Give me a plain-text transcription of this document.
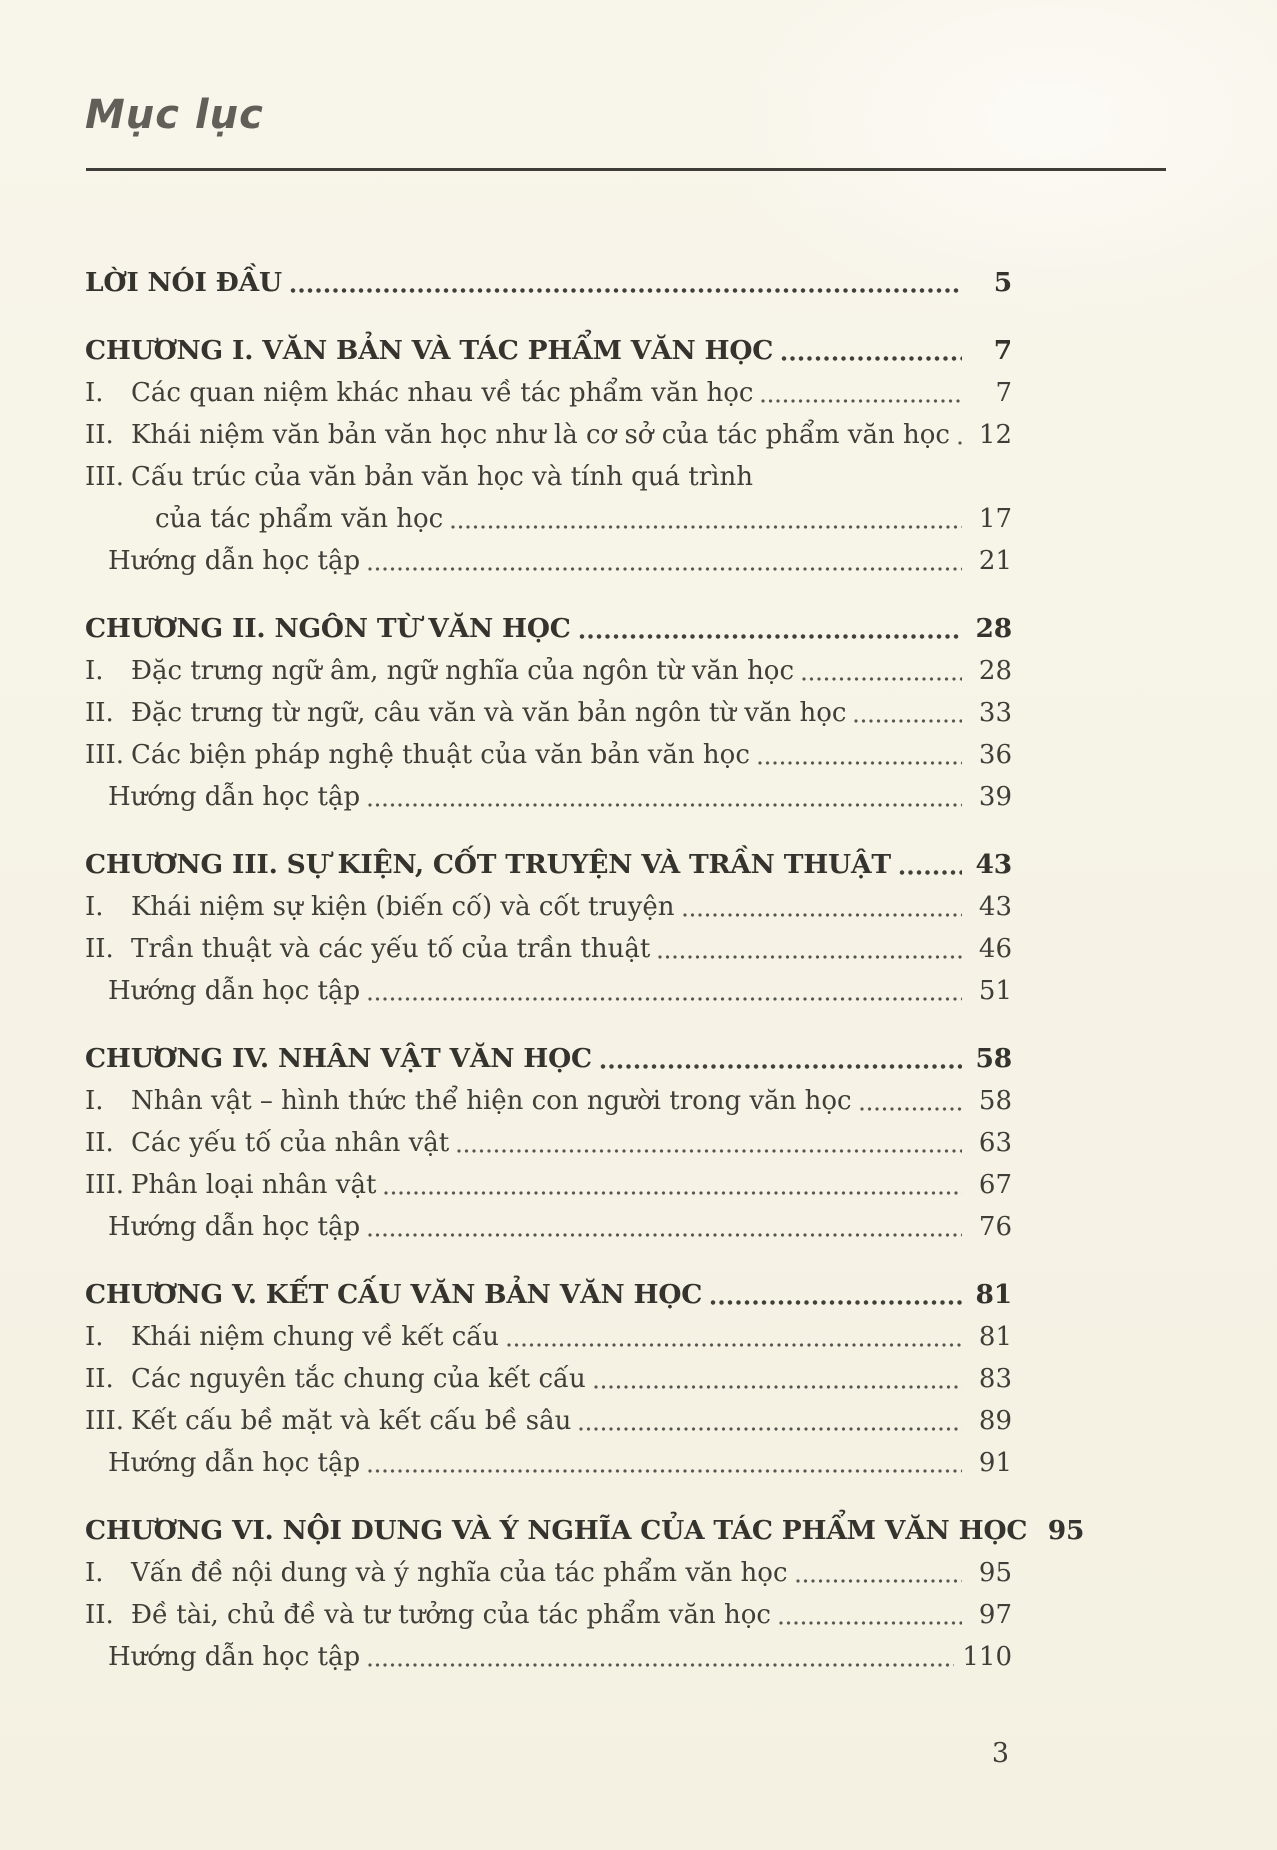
Mục lục
LỜI NÓI ĐẦU	5
CHƯƠNG I. VĂN BẢN VÀ TÁC PHẨM VĂN HỌC	7
I.	Các quan niệm khác nhau về tác phẩm văn học	7
II. Khái niệm văn bản văn học như là cơ sở của tác phẩm văn học	12
III. Cấu trúc của văn bản văn học và tính quá trình
của tác phẩm văn học	17
Hướng dẫn học tập	21
CHƯƠNG II. NGÔN TỪ VĂN HỌC	28
I.	Đặc trưng ngữ âm, ngữ nghĩa của ngôn từ văn học	28
II. Đặc trưng từ ngữ, câu văn và văn bản ngôn từ văn học	33
III. Các biện pháp nghệ thuật của văn bản văn học	36
Hướng dẫn học tập	39
CHƯƠNG III. SỰ KIỆN, CỐT TRUYỆN VÀ TRẦN THUẬT	43
I.	Khái niệm sự kiện (biến cố) và cốt truyện	43
II. Trần thuật và các yếu tố của trần thuật	46
Hướng dẫn học tập	51
CHƯƠNG IV. NHÂN VẬT VĂN HỌC	58
I.	Nhân vật – hình thức thể hiện con người trong văn học	58
II. Các yếu tố của nhân vật	63
III. Phân loại nhân vật	67
Hướng dẫn học tập	76
CHƯƠNG V. KẾT CẤU VĂN BẢN VĂN HỌC	81
I.	Khái niệm chung về kết cấu	81
II. Các nguyên tắc chung của kết cấu	83
III. Kết cấu bề mặt và kết cấu bề sâu	89
Hướng dẫn học tập	91
CHƯƠNG VI. NỘI DUNG VÀ Ý NGHĨA CỦA TÁC PHẨM VĂN HỌC 95
I.	Vấn đề nội dung và ý nghĩa của tác phẩm văn học	95
II. Đề tài, chủ đề và tư tưởng của tác phẩm văn học	97
Hướng dẫn học tập	110
3
